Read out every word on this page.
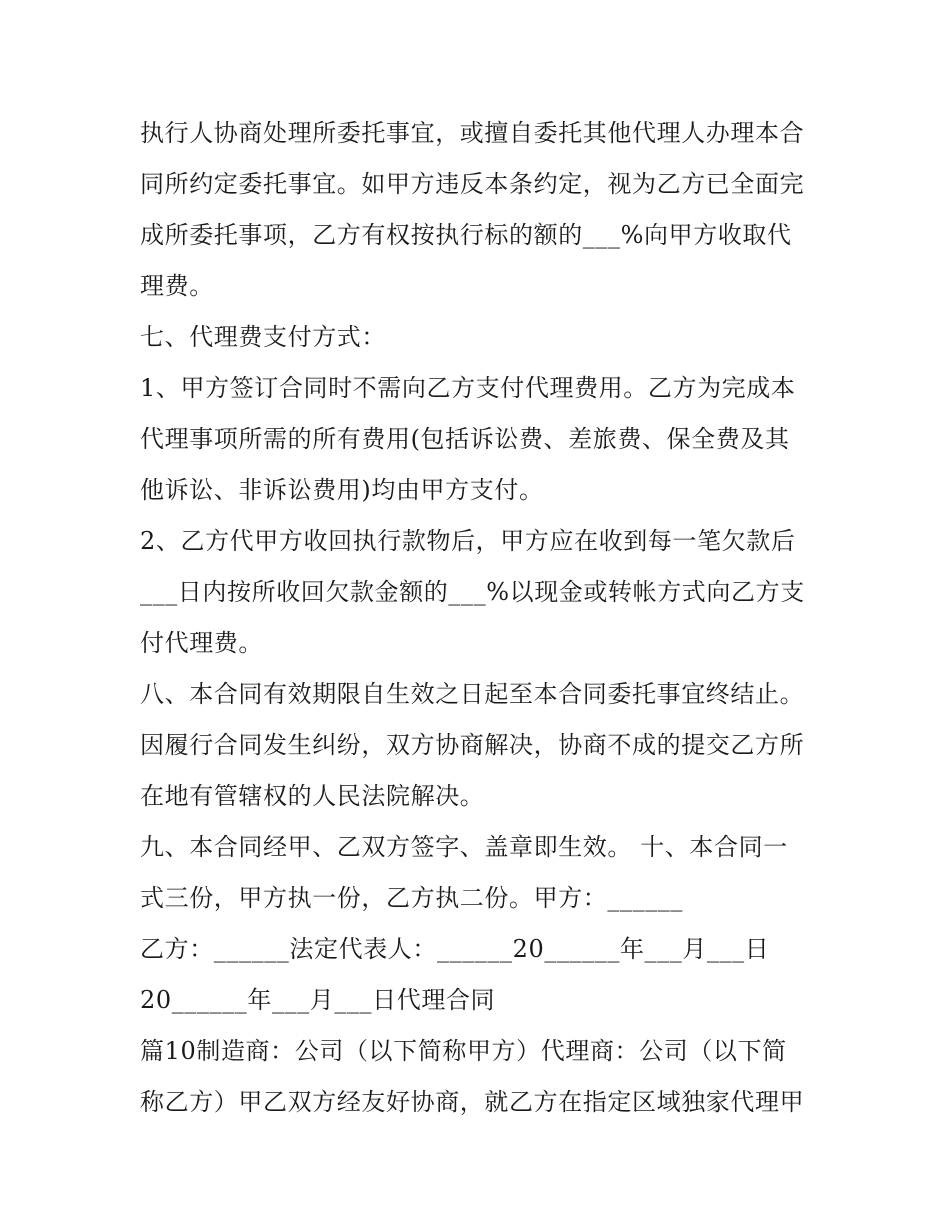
执行人协商处理所委托事宜，或擅自委托其他代理人办理本合
同所约定委托事宜。如甲方违反本条约定，视为乙方已全面完
成所委托事项，乙方有权按执行标的额的___%向甲方收取代
理费。
七、代理费支付方式：
1、甲方签订合同时不需向乙方支付代理费用。乙方为完成本
代理事项所需的所有费用(包括诉讼费、差旅费、保全费及其
他诉讼、非诉讼费用)均由甲方支付。
2、乙方代甲方收回执行款物后，甲方应在收到每一笔欠款后
___日内按所收回欠款金额的___%以现金或转帐方式向乙方支
付代理费。
八、本合同有效期限自生效之日起至本合同委托事宜终结止。
因履行合同发生纠纷，双方协商解决，协商不成的提交乙方所
在地有管辖权的人民法院解决。
九、本合同经甲、乙双方签字、盖章即生效。 十、本合同一
式三份，甲方执一份，乙方执二份。甲方：______
乙方：______法定代表人：______20______年___月___日
20______年___月___日代理合同
篇10制造商：公司（以下简称甲方）代理商：公司（以下简
称乙方）甲乙双方经友好协商，就乙方在指定区域独家代理甲
